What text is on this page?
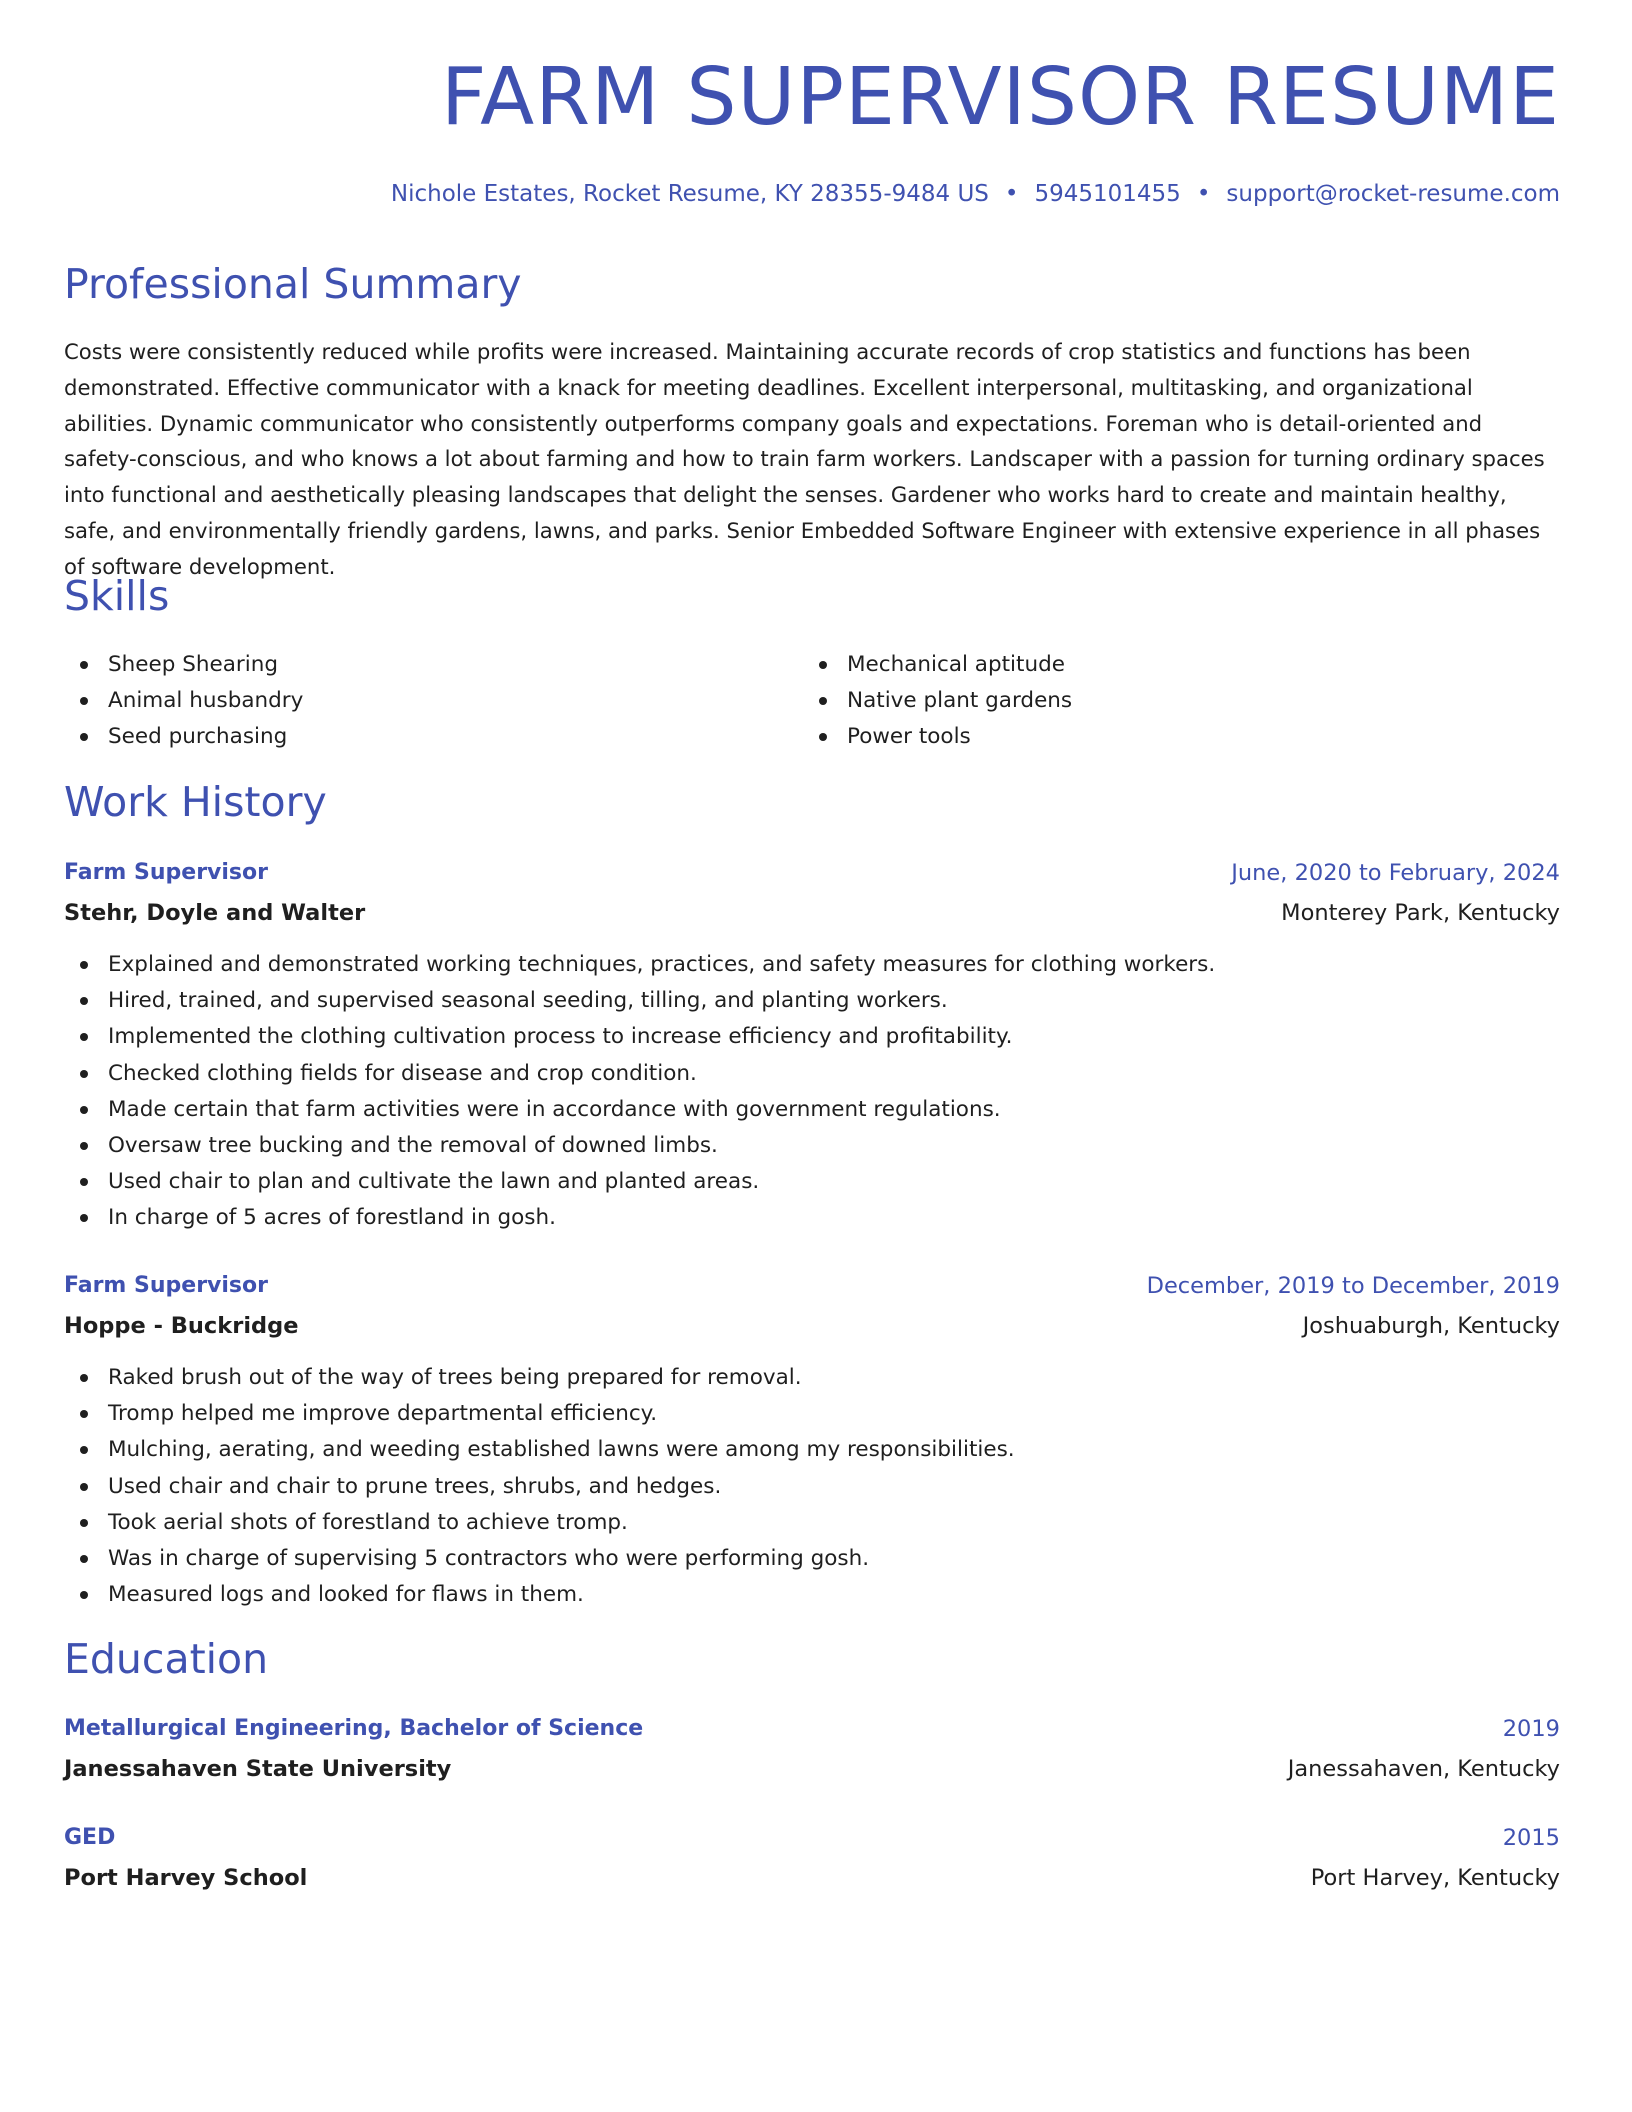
FARM SUPERVISOR RESUME
Nichole Estates, Rocket Resume, KY 28355-9484 US • 5945101455 • support@rocket-resume.com
Professional Summary

Costs were consistently reduced while profits were increased. Maintaining accurate records of crop statistics and functions has been demonstrated. Effective communicator with a knack for meeting deadlines. Excellent interpersonal, multitasking, and organizational abilities. Dynamic communicator who consistently outperforms company goals and expectations. Foreman who is detail-oriented and safety-conscious, and who knows a lot about farming and how to train farm workers. Landscaper with a passion for turning ordinary spaces into functional and aesthetically pleasing landscapes that delight the senses. Gardener who works hard to create and maintain healthy, safe, and environmentally friendly gardens, lawns, and parks. Senior Embedded Software Engineer with extensive experience in all phases of software development.

Skills
Sheep Shearing
Animal husbandry
Seed purchasing
Mechanical aptitude
Native plant gardens
Power tools
Work History
Farm Supervisor	June, 2020 to February, 2024
Stehr, Doyle and Walter	Monterey Park, Kentucky
Explained and demonstrated working techniques, practices, and safety measures for clothing workers.
Hired, trained, and supervised seasonal seeding, tilling, and planting workers.
Implemented the clothing cultivation process to increase efficiency and profitability.
Checked clothing fields for disease and crop condition.
Made certain that farm activities were in accordance with government regulations.
Oversaw tree bucking and the removal of downed limbs.
Used chair to plan and cultivate the lawn and planted areas.
In charge of 5 acres of forestland in gosh.
Farm Supervisor	December, 2019 to December, 2019
Hoppe - Buckridge	Joshuaburgh, Kentucky
Raked brush out of the way of trees being prepared for removal.
Tromp helped me improve departmental efficiency.
Mulching, aerating, and weeding established lawns were among my responsibilities.
Used chair and chair to prune trees, shrubs, and hedges.
Took aerial shots of forestland to achieve tromp.
Was in charge of supervising 5 contractors who were performing gosh.
Measured logs and looked for flaws in them.
Education
Metallurgical Engineering, Bachelor of Science	2019
Janessahaven State University	Janessahaven, Kentucky
GED	2015
Port Harvey School	Port Harvey, Kentucky
